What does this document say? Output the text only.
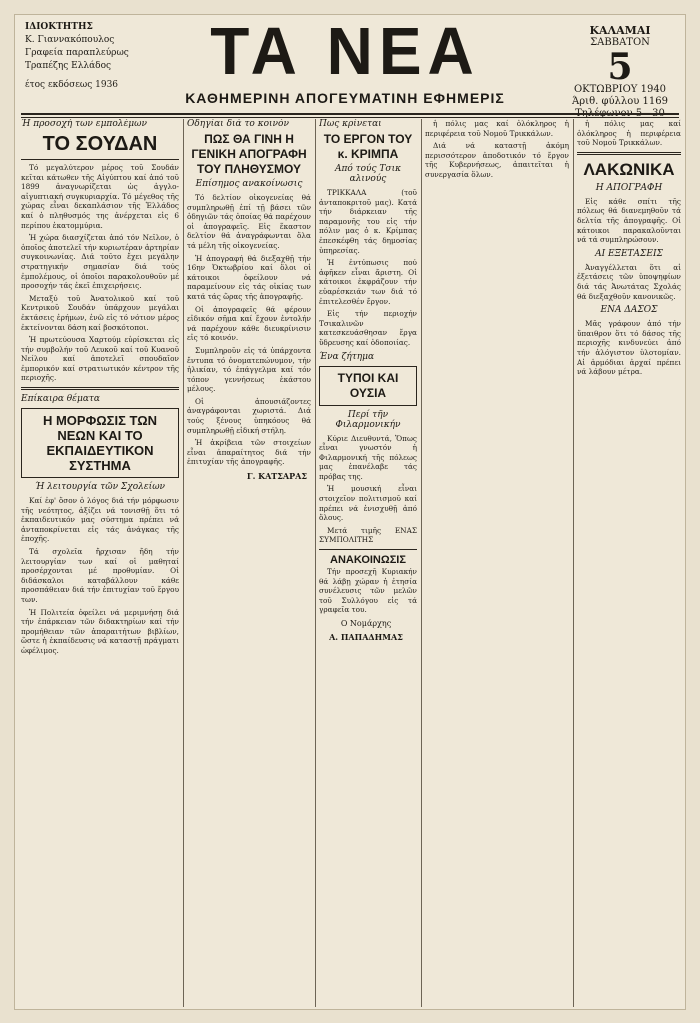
ΙΔΙΟΚΤΗΤΗΣ
Κ. Γιαννακόπουλος
Γραφεία παραπλεύρως
Τραπέζης Ελλάδος
έτος εκδόσεως 1936	ΤΑ ΝΕΑ
ΚΑΘΗΜΕΡΙΝΗ ΑΠΟΓΕΥΜΑΤΙΝΗ ΕΦΗΜΕΡΙΣ
ΚΑΛΑΜΑΙ
ΣΑΒΒΑΤΟΝ
5
ΟΚΤΩΒΡΙΟΥ 1940
Άριθ. φύλλου 1169
Τηλέφωνον 5—30
Ή προσοχή των εμπολέμων
ΤΟ ΣΟΥΔΑΝ

Τό μεγαλύτερον μέρος τοῦ Σουδάν κεῖται κάτωθεν τῆς Αἰγύπτου καί ἀπό τοῦ 1899 ἀναγνωρίζεται ὡς ἀγγλο-αἰγυπτιακή συγκυριαρχία. Τό μέγεθος τῆς χώρας εἶναι δεκαπλάσιον τῆς Ἑλλάδος καί ὁ πληθυσμός της ἀνέρχεται εἰς 6 περίπου ἑκατομμύρια.

Ἡ χώρα διασχίζεται ἀπό τόν Νεῖλον, ὁ ὁποῖος ἀποτελεῖ τήν κυριωτέραν ἀρτηρίαν συγκοινωνίας. Διά τοῦτο ἔχει μεγάλην στρατηγικήν σημασίαν διά τούς ἐμπολέμους, οἱ ὁποῖοι παρακολουθοῦν μέ προσοχήν τάς ἐκεῖ ἐπιχειρήσεις.

Μεταξύ τοῦ Ἀνατολικοῦ καί τοῦ Κεντρικοῦ Σουδάν ὑπάρχουν μεγάλαι ἐκτάσεις ἐρήμων, ἐνῶ εἰς τό νότιον μέρος ἐκτείνονται δάση καί βοσκότοποι.

Ἡ πρωτεύουσα Χαρτούμ εὑρίσκεται εἰς τήν συμβολήν τοῦ Λευκοῦ καί τοῦ Κυανοῦ Νείλου καί ἀποτελεῖ σπουδαῖον ἐμπορικόν καί στρατιωτικόν κέντρον τῆς περιοχῆς.

Επίκαιρα θέματα
Η ΜΟΡΦΩΣΙΣ ΤΩΝ ΝΕΩΝ ΚΑΙ ΤΟ ΕΚΠΑΙΔΕΥΤΙΚΟΝ ΣΥΣΤΗΜΑ
Ή λειτουργία τῶν Σχολείων

Καί ἐφ' ὅσον ὁ λόγος διά τήν μόρφωσιν τῆς νεότητος, ἀξίζει νά τονισθῇ ὅτι τό ἐκπαιδευτικόν μας σύστημα πρέπει νά ἀνταποκρίνεται εἰς τάς ἀνάγκας τῆς ἐποχῆς.

Τά σχολεῖα ἤρχισαν ἤδη τήν λειτουργίαν των καί οἱ μαθηταί προσέρχονται μέ προθυμίαν. Οἱ διδάσκαλοι καταβάλλουν κάθε προσπάθειαν διά τήν ἐπιτυχίαν τοῦ ἔργου των.

Ἡ Πολιτεία ὀφείλει νά μεριμνήσῃ διά τήν ἐπάρκειαν τῶν διδακτηρίων καί τήν προμήθειαν τῶν ἀπαραιτήτων βιβλίων, ὥστε ἡ ἐκπαίδευσις νά καταστῇ πράγματι ὠφέλιμος.

Οδηγίαι διά το κοινόν
ΠΩΣ ΘΑ ΓΙΝΗ Η ΓΕΝΙΚΗ ΑΠΟΓΡΑΦΗ ΤΟΥ ΠΛΗΘΥΣΜΟΥ
Επίσημος ανακοίνωσις

Τό δελτίον οἰκογενείας θά συμπληρωθῇ ἐπί τῇ βάσει τῶν ὁδηγιῶν τάς ὁποίας θά παρέχουν οἱ ἀπογραφεῖς. Εἰς ἕκαστον δελτίον θά ἀναγράφωνται ὅλα τά μέλη τῆς οἰκογενείας.

Ἡ ἀπογραφή θά διεξαχθῇ τήν 16ην Ὀκτωβρίου καί ὅλοι οἱ κάτοικοι ὀφείλουν νά παραμείνουν εἰς τάς οἰκίας των κατά τάς ὥρας τῆς ἀπογραφῆς.

Οἱ ἀπογραφεῖς θά φέρουν εἰδικόν σῆμα καί ἔχουν ἐντολήν νά παρέχουν κάθε διευκρίνισιν εἰς τό κοινόν.

Συμπληροῦν εἰς τά ὑπάρχοντα ἔντυπα τό ὀνοματεπώνυμον, τήν ἡλικίαν, τό ἐπάγγελμα καί τόν τόπον γεννήσεως ἑκάστου μέλους.

Οἱ ἀπουσιάζοντες ἀναγράφονται χωριστά. Διά τούς ξένους ὑπηκόους θά συμπληρωθῇ εἰδική στήλη.

Ἡ ἀκρίβεια τῶν στοιχείων εἶναι ἀπαραίτητος διά τήν ἐπιτυχίαν τῆς ἀπογραφῆς.

Γ. ΚΑΤΣΑΡΑΣ
Πως κρίνεται
ΤΟ ΕΡΓΟΝ ΤΟΥ κ. ΚΡΙΜΠΑ
Από τούς Τσικ αλινούς

ΤΡΙΚΚΑΛΑ (τοῦ ἀνταποκριτοῦ μας). Κατά τήν διάρκειαν τῆς παραμονῆς του εἰς τήν πόλιν μας ὁ κ. Κρίμπας ἐπεσκέφθη τάς δημοσίας ὑπηρεσίας.

Ἡ ἐντύπωσις πού ἀφῆκεν εἶναι ἄριστη. Οἱ κάτοικοι ἐκφράζουν τήν εὐαρέσκειάν των διά τό ἐπιτελεσθέν ἔργον.

Εἰς τήν περιοχήν Τσικαλινῶν κατεσκευάσθησαν ἔργα ὕδρευσης καί ὁδοποιίας.

Ένα ζήτημα
ΤΥΠΟΙ ΚΑΙ ΟΥΣΙΑ
Περί τῆν Φιλαρμονικήν

Κύριε Διευθυντά, Ὅπως εἶναι γνωστόν ἡ Φιλαρμονική τῆς πόλεως μας ἐπανέλαβε τάς πρόβας της.

Ἡ μουσική εἶναι στοιχεῖον πολιτισμοῦ καί πρέπει νά ἐνισχυθῇ ἀπό ὅλους.

Μετά τιμῆς ΕΝΑΣ ΣΥΜΠΟΛΙΤΗΣ

ΑΝΑΚΟΙΝΩΣΙΣ

Τήν προσεχῆ Κυριακήν θά λάβῃ χώραν ἡ ἐτησία συνέλευσις τῶν μελῶν τοῦ Συλλόγου εἰς τά γραφεῖα του.

Ο Νομάρχης
Α. ΠΑΠΑΔΗΜΑΣ

ἡ πόλις μας καί ὁλόκληρος ἡ περιφέρεια τοῦ Νομοῦ Τρικκάλων.

Διά νά καταστῇ ἀκόμη περισσότερον ἀποδοτικόν τό ἔργον τῆς Κυβερνήσεως, ἀπαιτεῖται ἡ συνεργασία ὅλων.

ἡ πόλις μας καί ὁλόκληρος ἡ περιφέρεια τοῦ Νομοῦ Τρικκάλων.

ΛΑΚΩΝΙΚΑ
Η ΑΠΟΓΡΑΦΗ

Εἰς κάθε σπίτι τῆς πόλεως θά διανεμηθοῦν τά δελτία τῆς ἀπογραφῆς. Οἱ κάτοικοι παρακαλοῦνται νά τά συμπληρώσουν.

ΑΙ ΕΞΕΤΑΣΕΙΣ

Ἀναγγέλλεται ὅτι αἱ ἐξετάσεις τῶν ὑποψηφίων διά τάς Ἀνωτάτας Σχολάς θά διεξαχθοῦν κανονικῶς.

ΕΝΑ ΔΑΣΟΣ

Μᾶς γράφουν ἀπό τήν ὕπαιθρον ὅτι τό δάσος τῆς περιοχῆς κινδυνεύει ἀπό τήν ἀλόγιστον ὑλοτομίαν. Αἱ ἁρμόδιαι ἀρχαί πρέπει νά λάβουν μέτρα.
